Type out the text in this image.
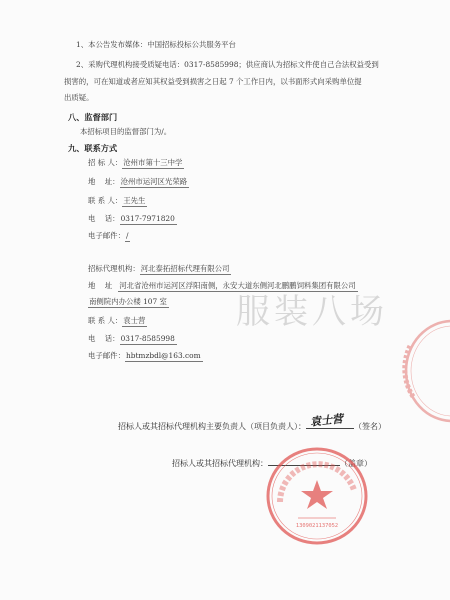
1、本公告发布媒体：中国招标投标公共服务平台
2、采购代理机构接受质疑电话：0317-8585998；供应商认为招标文件使自己合法权益受到
损害的，可在知道或者应知其权益受到损害之日起 7 个工作日内，以书面形式向采购单位提
出质疑。
八、监督部门
本招标项目的监督部门为/。
九、联系方式
招 标 人：沧州市第十三中学
地    址：沧州市运河区光荣路
联 系 人：王先生
电    话：0317-7971820
电子邮件：/
招标代理机构：河北泰拓招标代理有限公司
地    址 河北省沧州市运河区浮阳南侧，永安大道东侧河北鹏鹏饲料集团有限公司
南侧院内办公楼 107 室
联 系 人：袁士营
电    话：0317-8585998
电子邮件：hbtmzbdl@163.com
服装八场
招标人或其招标代理机构主要负责人（项目负责人）： 袁士营 （签名）
招标人或其招标代理机构：	（盖章）
1309021137052
